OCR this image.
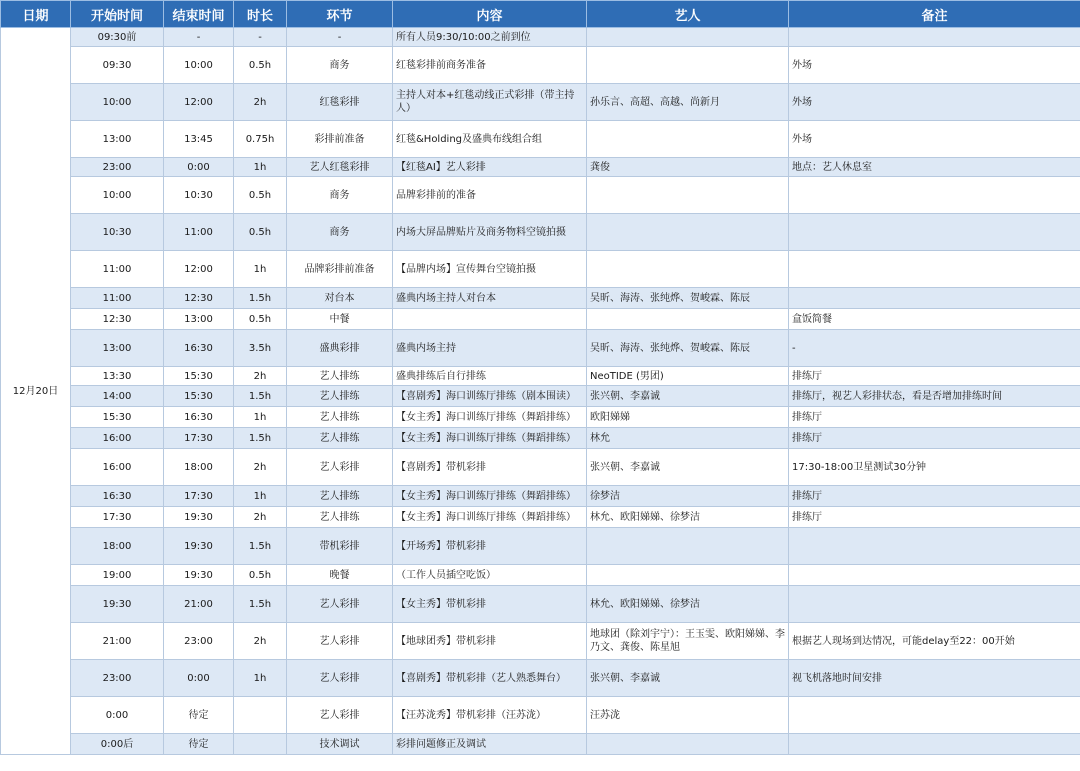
日期	开始时间	结束时间	时长	环节	内容	艺人	备注
12月20日	09:30前	-	-	-	所有人员9:30/10:00之前到位		
	09:30	10:00	0.5h	商务	红毯彩排前商务准备		外场
	10:00	12:00	2h	红毯彩排	主持人对本+红毯动线正式彩排（带主持人）	孙乐言、高超、高越、尚新月	外场
	13:00	13:45	0.75h	彩排前准备	红毯&Holding及盛典布线组合组		外场
	23:00	0:00	1h	艺人红毯彩排	【红毯AI】艺人彩排	龚俊	地点：艺人休息室
	10:00	10:30	0.5h	商务	品牌彩排前的准备		
	10:30	11:00	0.5h	商务	内场大屏品牌贴片及商务物料空镜拍摄		
	11:00	12:00	1h	品牌彩排前准备	【品牌内场】宣传舞台空镜拍摄		
	11:00	12:30	1.5h	对台本	盛典内场主持人对台本	吴昕、海涛、张纯烨、贺峻霖、陈辰	
	12:30	13:00	0.5h	中餐			盒饭简餐
	13:00	16:30	3.5h	盛典彩排	盛典内场主持	吴昕、海涛、张纯烨、贺峻霖、陈辰	-
	13:30	15:30	2h	艺人排练	盛典排练后自行排练	NeoTIDE (男团)	排练厅
	14:00	15:30	1.5h	艺人排练	【喜剧秀】海口训练厅排练（剧本围读）	张兴朝、李嘉诚	排练厅，视艺人彩排状态，看是否增加排练时间
	15:30	16:30	1h	艺人排练	【女主秀】海口训练厅排练（舞蹈排练）	欧阳娣娣	排练厅
	16:00	17:30	1.5h	艺人排练	【女主秀】海口训练厅排练（舞蹈排练）	林允	排练厅
	16:00	18:00	2h	艺人彩排	【喜剧秀】带机彩排	张兴朝、李嘉诚	17:30-18:00卫星测试30分钟
	16:30	17:30	1h	艺人排练	【女主秀】海口训练厅排练（舞蹈排练）	徐梦洁	排练厅
	17:30	19:30	2h	艺人排练	【女主秀】海口训练厅排练（舞蹈排练）	林允、欧阳娣娣、徐梦洁	排练厅
	18:00	19:30	1.5h	带机彩排	【开场秀】带机彩排		
	19:00	19:30	0.5h	晚餐	（工作人员插空吃饭）		
	19:30	21:00	1.5h	艺人彩排	【女主秀】带机彩排	林允、欧阳娣娣、徐梦洁	
	21:00	23:00	2h	艺人彩排	【地球团秀】带机彩排	地球团（除刘宇宁）：王玉雯、欧阳娣娣、李乃文、龚俊、陈星旭	根据艺人现场到达情况，可能delay至22：00开始
	23:00	0:00	1h	艺人彩排	【喜剧秀】带机彩排（艺人熟悉舞台）	张兴朝、李嘉诚	视飞机落地时间安排
	0:00	待定		艺人彩排	【汪苏泷秀】带机彩排（汪苏泷）	汪苏泷	
	0:00后	待定		技术调试	彩排问题修正及调试		
